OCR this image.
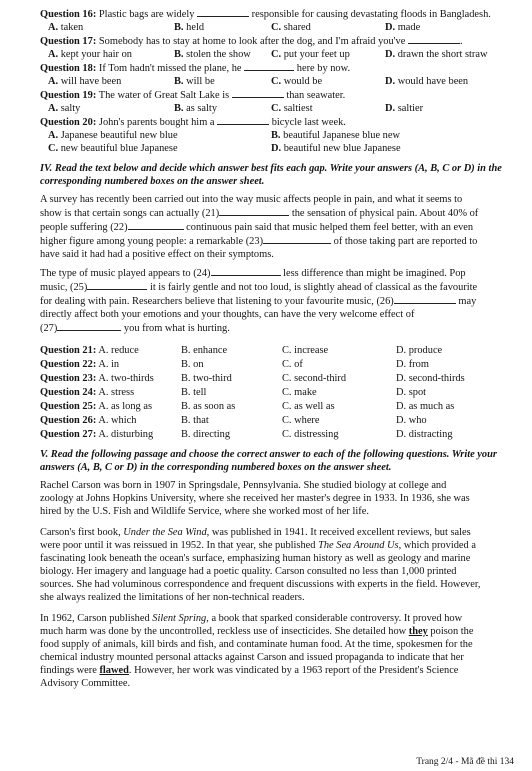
Question 16: Plastic bags are widely	responsible for causing devastating floods in Bangladesh.
A. taken	B. held	C. shared	D. made
Question 17: Somebody has to stay at home to look after the dog, and I'm afraid you've	.
A. kept your hair on	B. stolen the show	C. put your feet up	D. drawn the short straw
Question 18: If Tom hadn't missed the plane, he	here by now.
A. will have been	B. will be	C. would be	D. would have been
Question 19: The water of Great Salt Lake is	than seawater.
A. salty	B. as salty	C. saltiest	D. saltier
Question 20: John's parents bought him a	bicycle last week.
A. Japanese beautiful new blue	B. beautiful Japanese blue new
C. new beautiful blue Japanese	D. beautiful new blue Japanese
IV. Read the text below and decide which answer best fits each gap. Write your answers (A, B, C or D) in the corresponding numbered boxes on the answer sheet.
A survey has recently been carried out into the way music affects people in pain, and what it seems to
show is that certain songs can actually (21)	the sensation of physical pain. About 40% of
people suffering (22)	continuous pain said that music helped them feel better, with an even
higher figure among young people: a remarkable (23)	of those taking part are reported to
have said it had had a positive effect on their symptoms.
The type of music played appears to (24)	less difference than might be imagined. Pop
music, (25)	it is fairly gentle and not too loud, is slightly ahead of classical as the favourite
for dealing with pain. Researchers believe that listening to your favourite music, (26)	may
directly affect both your emotions and your thoughts, can have the very welcome effect of
(27)	you from what is hurting.
Question 21: A. reduce	B. enhance	C. increase	D. produce
Question 22: A. in	B. on	C. of	D. from
Question 23: A. two-thirds	B. two-third	C. second-third	D. second-thirds
Question 24: A. stress	B. tell	C. make	D. spot
Question 25: A. as long as	B. as soon as	C. as well as	D. as much as
Question 26: A. which	B. that	C. where	D. who
Question 27: A. disturbing	B. directing	C. distressing	D. distracting
V. Read the following passage and choose the correct answer to each of the following questions. Write your answers (A, B, C or D) in the corresponding numbered boxes on the answer sheet.
Rachel Carson was born in 1907 in Springsdale, Pennsylvania. She studied biology at college and
zoology at Johns Hopkins University, where she received her master's degree in 1933. In 1936, she was
hired by the U.S. Fish and Wildlife Service, where she worked most of her life.
Carson's first book, Under the Sea Wind, was published in 1941. It received excellent reviews, but sales
were poor until it was reissued in 1952. In that year, she published The Sea Around Us, which provided a
fascinating look beneath the ocean's surface, emphasizing human history as well as geology and marine
biology. Her imagery and language had a poetic quality. Carson consulted no less than 1,000 printed
sources. She had voluminous correspondence and frequent discussions with experts in the field. However,
she always realized the limitations of her non-technical readers.
In 1962, Carson published Silent Spring, a book that sparked considerable controversy. It proved how
much harm was done by the uncontrolled, reckless use of insecticides. She detailed how they poison the
food supply of animals, kill birds and fish, and contaminate human food. At the time, spokesmen for the
chemical industry mounted personal attacks against Carson and issued propaganda to indicate that her
findings were flawed. However, her work was vindicated by a 1963 report of the President's Science
Advisory Committee.
Trang 2/4 - Mã đề thi 134
